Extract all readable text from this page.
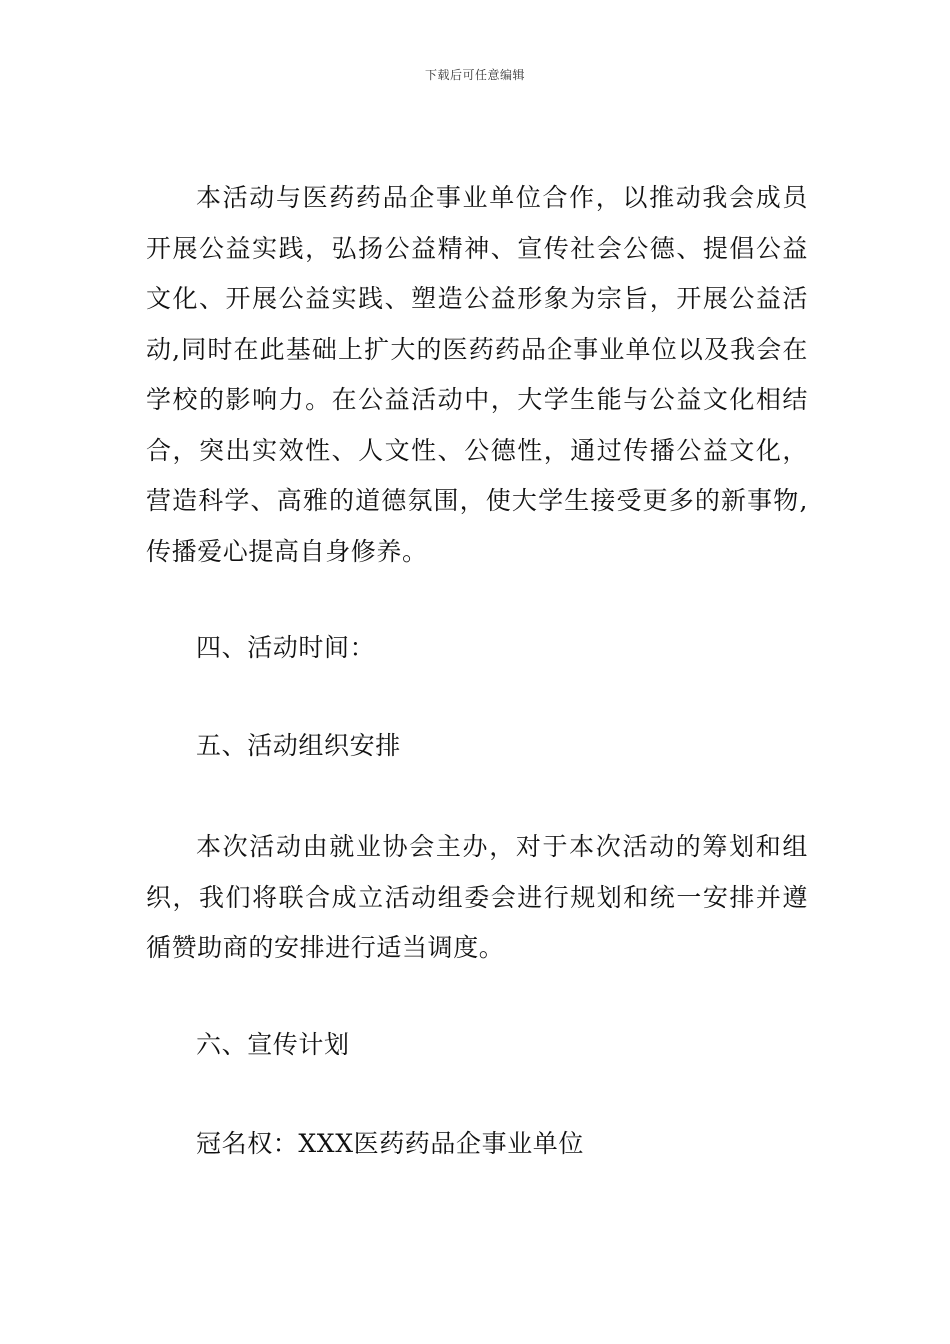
下载后可任意编辑

本活动与医药药品企事业单位合作，以推动我会成员开展公益实践，弘扬公益精神、宣传社会公德、提倡公益文化、开展公益实践、塑造公益形象为宗旨，开展公益活动,同时在此基础上扩大的医药药品企事业单位以及我会在学校的影响力。在公益活动中，大学生能与公益文化相结合，突出实效性、人文性、公德性，通过传播公益文化，营造科学、高雅的道德氛围，使大学生接受更多的新事物,传播爱心提高自身修养。

四、活动时间：

五、活动组织安排

本次活动由就业协会主办，对于本次活动的筹划和组织，我们将联合成立活动组委会进行规划和统一安排并遵循赞助商的安排进行适当调度。

六、宣传计划

冠名权：XXX医药药品企事业单位
